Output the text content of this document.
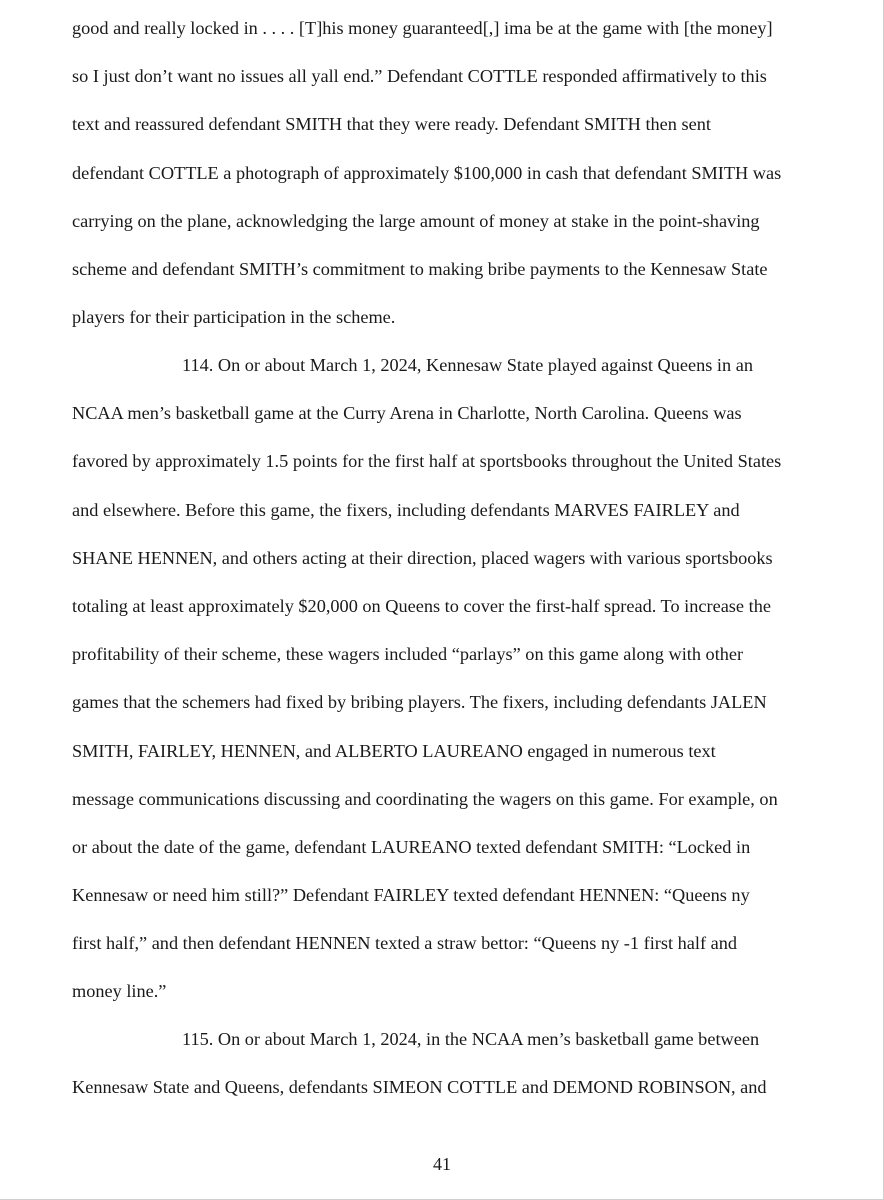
good and really locked in . . . . [T]his money guaranteed[,] ima be at the game with [the money]
so I just don’t want no issues all yall end.” Defendant COTTLE responded affirmatively to this
text and reassured defendant SMITH that they were ready. Defendant SMITH then sent
defendant COTTLE a photograph of approximately $100,000 in cash that defendant SMITH was
carrying on the plane, acknowledging the large amount of money at stake in the point-shaving
scheme and defendant SMITH’s commitment to making bribe payments to the Kennesaw State
players for their participation in the scheme.
114. On or about March 1, 2024, Kennesaw State played against Queens in an
NCAA men’s basketball game at the Curry Arena in Charlotte, North Carolina. Queens was
favored by approximately 1.5 points for the first half at sportsbooks throughout the United States
and elsewhere. Before this game, the fixers, including defendants MARVES FAIRLEY and
SHANE HENNEN, and others acting at their direction, placed wagers with various sportsbooks
totaling at least approximately $20,000 on Queens to cover the first-half spread. To increase the
profitability of their scheme, these wagers included “parlays” on this game along with other
games that the schemers had fixed by bribing players. The fixers, including defendants JALEN
SMITH, FAIRLEY, HENNEN, and ALBERTO LAUREANO engaged in numerous text
message communications discussing and coordinating the wagers on this game. For example, on
or about the date of the game, defendant LAUREANO texted defendant SMITH: “Locked in
Kennesaw or need him still?” Defendant FAIRLEY texted defendant HENNEN: “Queens ny
first half,” and then defendant HENNEN texted a straw bettor: “Queens ny -1 first half and
money line.”
115. On or about March 1, 2024, in the NCAA men’s basketball game between
Kennesaw State and Queens, defendants SIMEON COTTLE and DEMOND ROBINSON, and
41
